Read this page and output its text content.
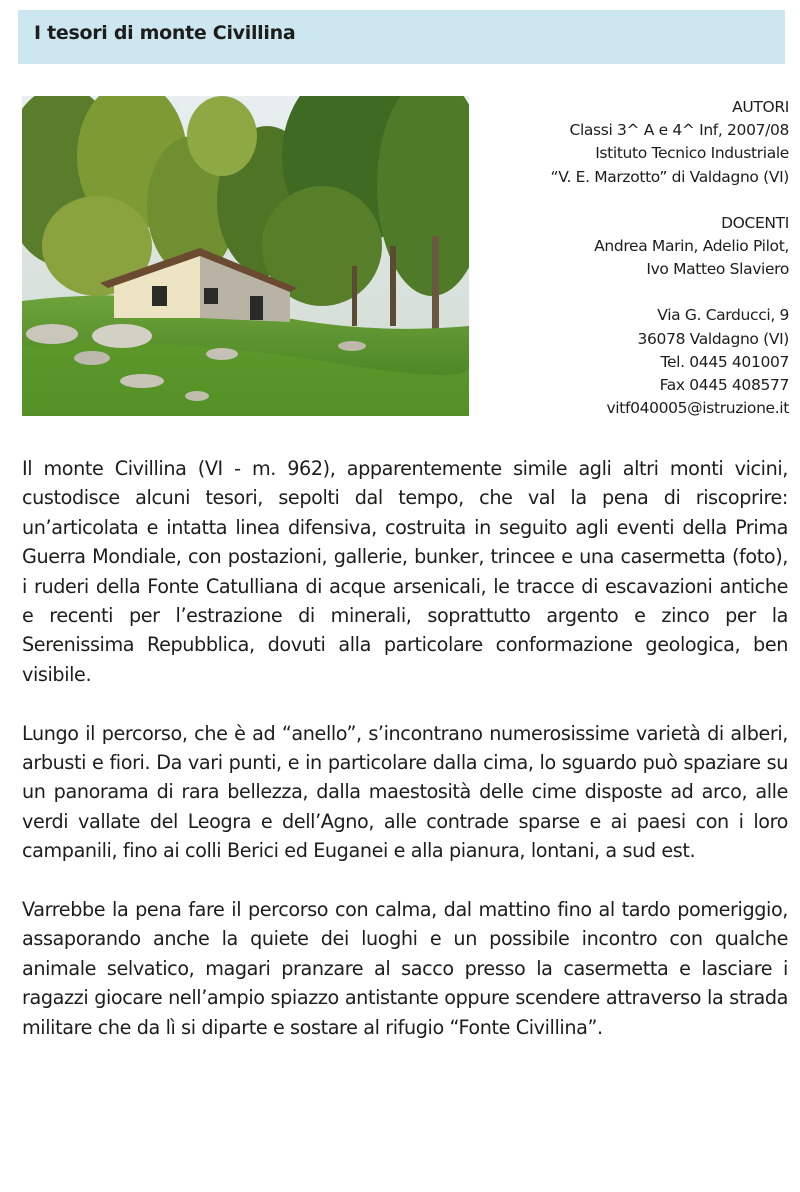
I tesori di monte Civillina

AUTORI

Classi 3^ A e 4^ Inf, 2007/08

Istituto Tecnico Industriale

“V. E. Marzotto” di Valdagno (VI)

DOCENTI

Andrea Marin, Adelio Pilot,

Ivo Matteo Slaviero

Via G. Carducci, 9

36078 Valdagno (VI)

Tel. 0445 401007

Fax 0445 408577

vitf040005@istruzione.it

Il monte Civillina (VI - m. 962), apparentemente simile agli altri monti vicini, custodisce alcuni tesori, sepolti dal tempo, che val la pena di riscoprire: un’articolata e intatta linea difensiva, costruita in seguito agli eventi della Prima Guerra Mondiale, con postazioni, gallerie, bunker, trincee e una casermetta (foto), i ruderi della Fonte Catulliana di acque arsenicali, le tracce di escavazioni antiche e recenti per l’estrazione di minerali, soprattutto argento e zinco per la Serenissima Repubblica, dovuti alla particolare conformazione geologica, ben visibile.

Lungo il percorso, che è ad “anello”, s’incontrano numerosissime varietà di alberi, arbusti e fiori. Da vari punti, e in particolare dalla cima, lo sguardo può spaziare su un panorama di rara bellezza, dalla maestosità delle cime disposte ad arco, alle verdi vallate del Leogra e dell’Agno, alle contrade sparse e ai paesi con i loro campanili, fino ai colli Berici ed Euganei e alla pianura, lontani, a sud est.

Varrebbe la pena fare il percorso con calma, dal mattino fino al tardo pomeriggio, assaporando anche la quiete dei luoghi e un possibile incontro con qualche animale selvatico, magari pranzare al sacco presso la casermetta e lasciare i ragazzi giocare nell’ampio spiazzo antistante oppure scendere attraverso la strada militare che da lì si diparte e sostare al rifugio “Fonte Civillina”.
